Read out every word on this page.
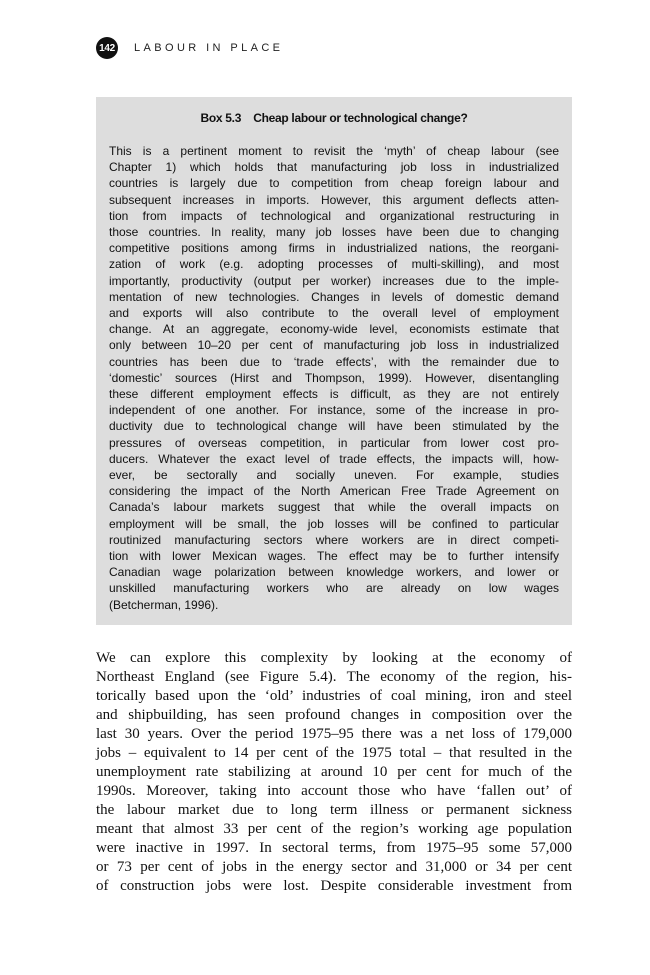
142 LABOUR IN PLACE
Box 5.3    Cheap labour or technological change?
This is a pertinent moment to revisit the ‘myth’ of cheap labour (see
Chapter 1) which holds that manufacturing job loss in industrialized
countries is largely due to competition from cheap foreign labour and
subsequent increases in imports. However, this argument deflects atten-
tion from impacts of technological and organizational restructuring in
those countries. In reality, many job losses have been due to changing
competitive positions among firms in industrialized nations, the reorgani-
zation of work (e.g. adopting processes of multi-skilling), and most
importantly, productivity (output per worker) increases due to the imple-
mentation of new technologies. Changes in levels of domestic demand
and exports will also contribute to the overall level of employment
change. At an aggregate, economy-wide level, economists estimate that
only between 10–20 per cent of manufacturing job loss in industrialized
countries has been due to ‘trade effects’, with the remainder due to
‘domestic’ sources (Hirst and Thompson, 1999). However, disentangling
these different employment effects is difficult, as they are not entirely
independent of one another. For instance, some of the increase in pro-
ductivity due to technological change will have been stimulated by the
pressures of overseas competition, in particular from lower cost pro-
ducers. Whatever the exact level of trade effects, the impacts will, how-
ever, be sectorally and socially uneven. For example, studies
considering the impact of the North American Free Trade Agreement on
Canada’s labour markets suggest that while the overall impacts on
employment will be small, the job losses will be confined to particular
routinized manufacturing sectors where workers are in direct competi-
tion with lower Mexican wages. The effect may be to further intensify
Canadian wage polarization between knowledge workers, and lower or
unskilled manufacturing workers who are already on low wages
(Betcherman, 1996).
We can explore this complexity by looking at the economy of
Northeast England (see Figure 5.4). The economy of the region, his-
torically based upon the ‘old’ industries of coal mining, iron and steel
and shipbuilding, has seen profound changes in composition over the
last 30 years. Over the period 1975–95 there was a net loss of 179,000
jobs – equivalent to 14 per cent of the 1975 total – that resulted in the
unemployment rate stabilizing at around 10 per cent for much of the
1990s. Moreover, taking into account those who have ‘fallen out’ of
the labour market due to long term illness or permanent sickness
meant that almost 33 per cent of the region’s working age population
were inactive in 1997. In sectoral terms, from 1975–95 some 57,000
or 73 per cent of jobs in the energy sector and 31,000 or 34 per cent
of construction jobs were lost. Despite considerable investment from
